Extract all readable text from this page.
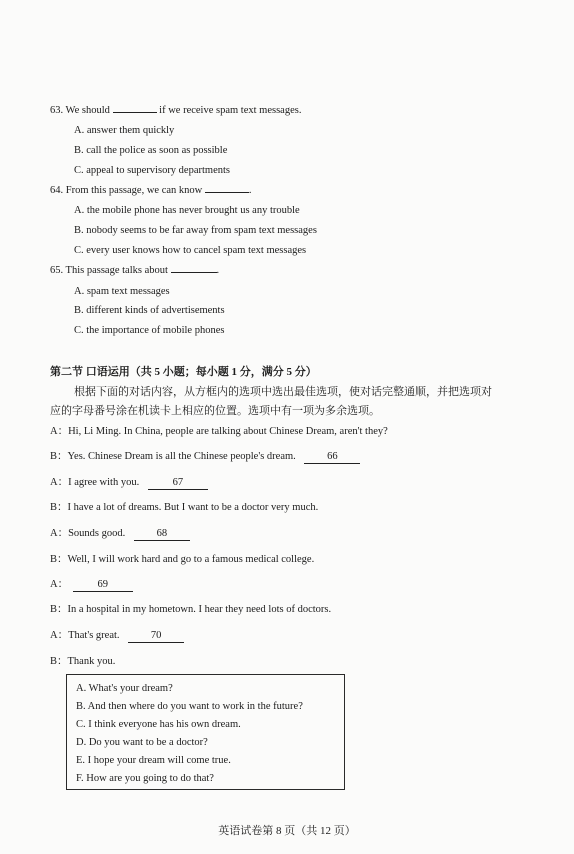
63. We should	if we receive spam text messages.
A. answer them quickly
B. call the police as soon as possible
C. appeal to supervisory departments
64. From this passage, we can know	.
A. the mobile phone has never brought us any trouble
B. nobody seems to be far away from spam text messages
C. every user knows how to cancel spam text messages
65. This passage talks about	.
A. spam text messages
B. different kinds of advertisements
C. the importance of mobile phones
第二节 口语运用（共 5 小题；每小题 1 分，满分 5 分）
根据下面的对话内容，从方框内的选项中选出最佳选项，使对话完整通顺，并把选项对
应的字母番号涂在机读卡上相应的位置。选项中有一项为多余选项。
A：Hi, Li Ming. In China, people are talking about Chinese Dream, aren't they?
B：Yes. Chinese Dream is all the Chinese people's dream.	66
A：I agree with you.	67
B：I have a lot of dreams. But I want to be a doctor very much.
A：Sounds good.	68
B：Well, I will work hard and go to a famous medical college.
A：	69
B：In a hospital in my hometown. I hear they need lots of doctors.
A：That's great.	70
B：Thank you.
A. What's your dream?
B. And then where do you want to work in the future?
C. I think everyone has his own dream.
D. Do you want to be a doctor?
E. I hope your dream will come true.
F. How are you going to do that?
英语试卷第 8 页（共 12 页）
